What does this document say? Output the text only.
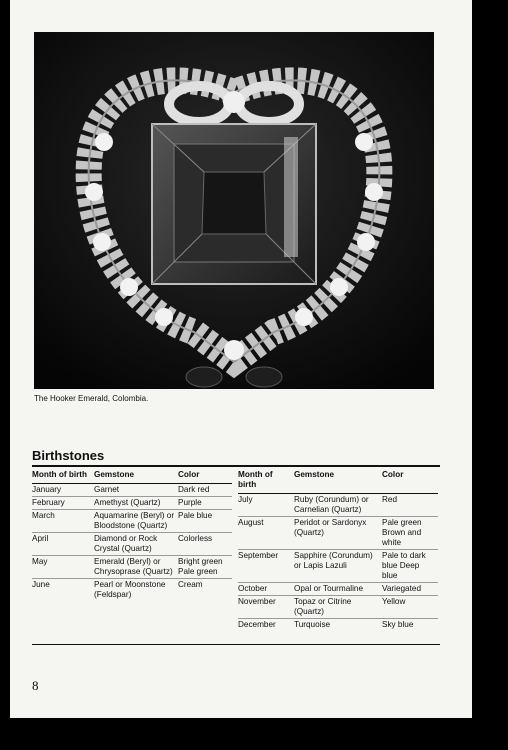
The Hooker Emerald, Colombia.
Birthstones
Month of birth	Gemstone	Color
January	Garnet	Dark red
February	Amethyst (Quartz)	Purple
March	Aquamarine (Beryl) or Bloodstone (Quartz)	Pale blue
April	Diamond or Rock Crystal (Quartz)	Colorless
May	Emerald (Beryl) or Chrysoprase (Quartz)	Bright green Pale green
June	Pearl or Moonstone (Feldspar)	Cream
Month of birth	Gemstone	Color
July	Ruby (Corundum) or Carnelian (Quartz)	Red
August	Peridot or Sardonyx (Quartz)	Pale green Brown and white
September	Sapphire (Corundum) or Lapis Lazuli	Pale to dark blue Deep blue
October	Opal or Tourmaline	Variegated
November	Topaz or Citrine (Quartz)	Yellow
December	Turquoise	Sky blue
8
